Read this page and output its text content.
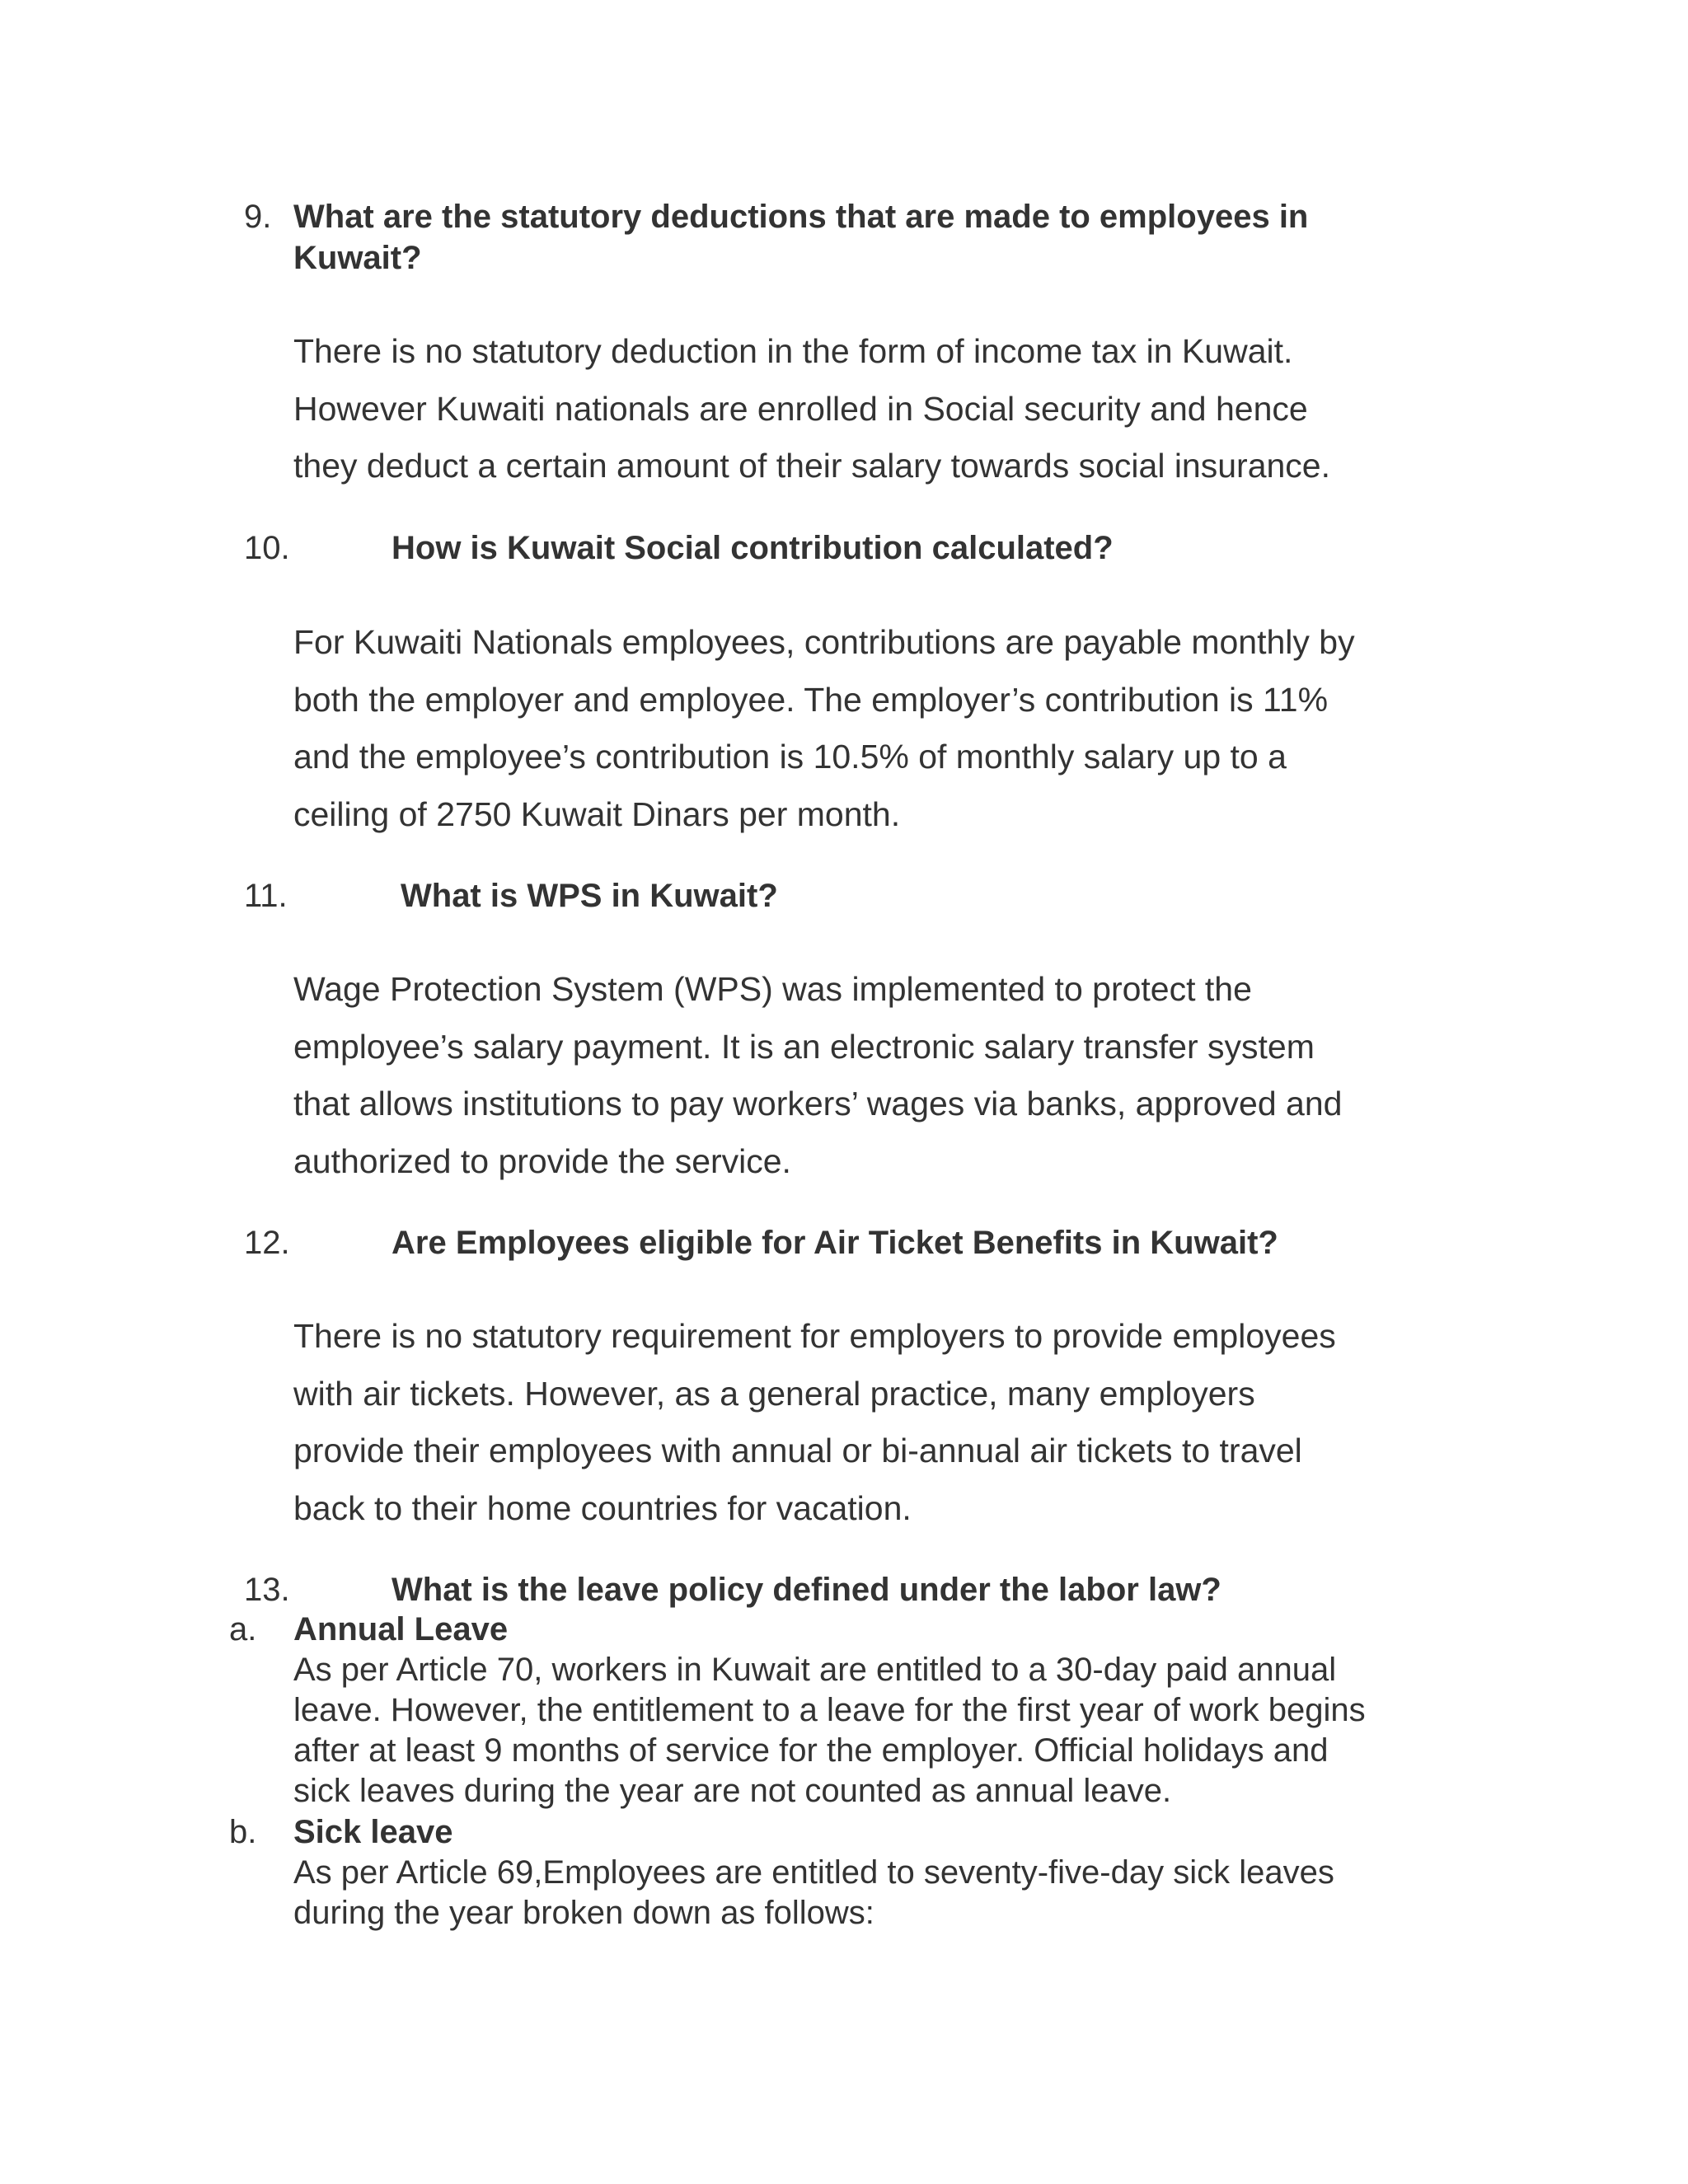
9. What are the statutory deductions that are made to employees in
Kuwait?
There is no statutory deduction in the form of income tax in Kuwait.
However Kuwaiti nationals are enrolled in Social security and hence
they deduct a certain amount of their salary towards social insurance.
10.	How is Kuwait Social contribution calculated?
For Kuwaiti Nationals employees, contributions are payable monthly by
both the employer and employee. The employer’s contribution is 11%
and the employee’s contribution is 10.5% of monthly salary up to a
ceiling of 2750 Kuwait Dinars per month.
11.	What is WPS in Kuwait?
Wage Protection System (WPS) was implemented to protect the
employee’s salary payment. It is an electronic salary transfer system
that allows institutions to pay workers’ wages via banks, approved and
authorized to provide the service.
12.	Are Employees eligible for Air Ticket Benefits in Kuwait?
There is no statutory requirement for employers to provide employees
with air tickets. However, as a general practice, many employers
provide their employees with annual or bi-annual air tickets to travel
back to their home countries for vacation.
13.	What is the leave policy defined under the labor law?
a. Annual Leave
As per Article 70, workers in Kuwait are entitled to a 30-day paid annual
leave. However, the entitlement to a leave for the first year of work begins
after at least 9 months of service for the employer. Official holidays and
sick leaves during the year are not counted as annual leave.
b. Sick leave
As per Article 69,Employees are entitled to seventy-five-day sick leaves
during the year broken down as follows:
